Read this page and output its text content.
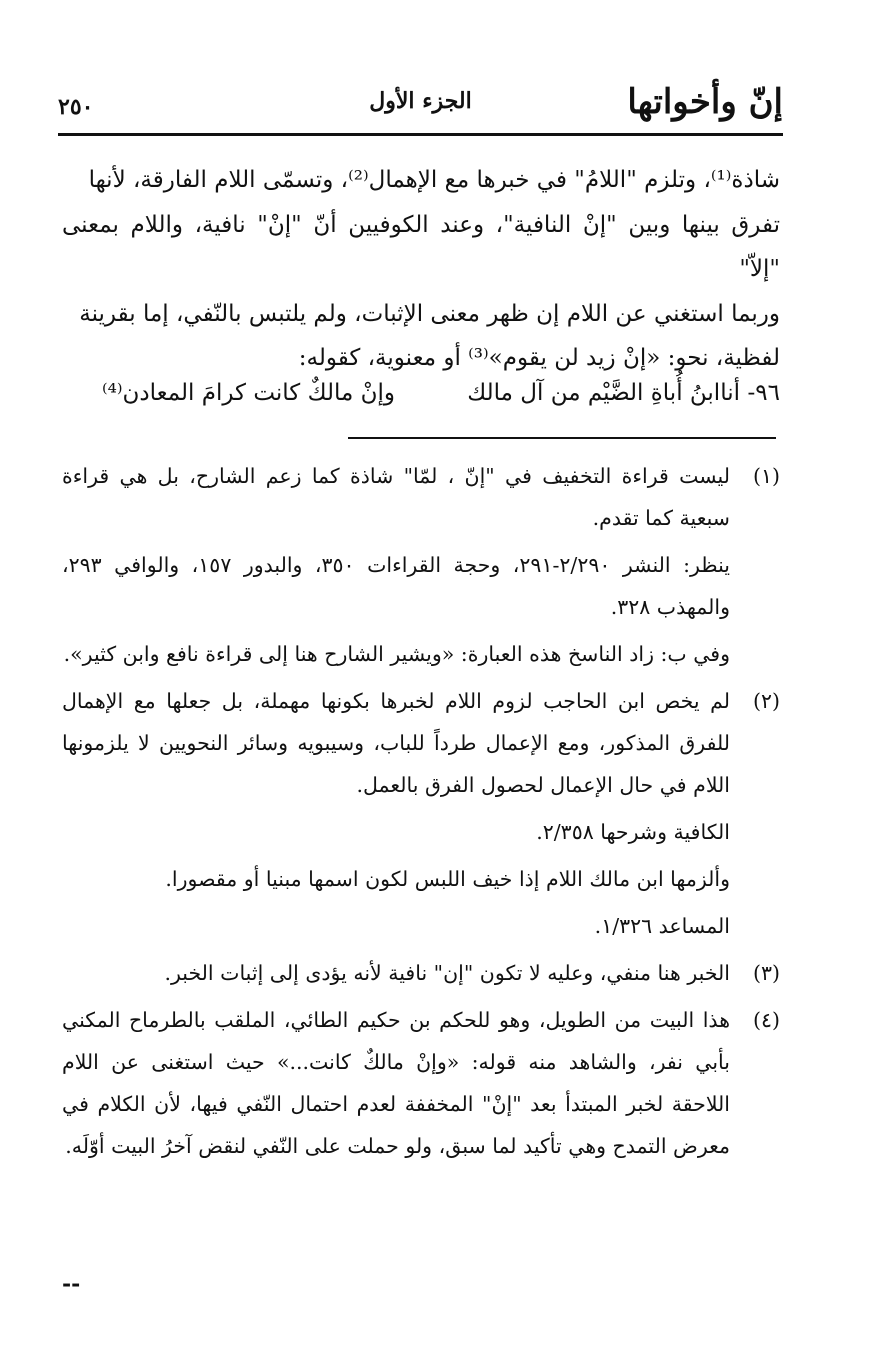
إنّ وأخواتها
الجزء الأول
٢٥٠

شاذة⁽¹⁾، وتلزم "اللامُ" في خبرها مع الإهمال⁽²⁾، وتسمّى اللام الفارقة، لأنها

تفرق بينها وبين "إنْ النافية"، وعند الكوفيين أنّ "إنْ" نافية، واللام بمعنى "إلاّ"

وربما استغني عن اللام إن ظهر معنى الإثبات، ولم يلتبس بالنّفي، إما بقرينة

لفظية، نحو: «إنْ زيد لن يقوم»⁽³⁾ أو معنوية، كقوله:

٩٦-
أناابنُ أُباةِ الضَّيْم من آل مالك
وإنْ مالكٌ كانت كرامَ المعادن⁽⁴⁾
(١)

ليست قراءة التخفيف في "إنّ ، لمّا" شاذة كما زعم الشارح، بل هي قراءة سبعية كما تقدم.

ينظر: النشر ٢/٢٩٠-٢٩١، وحجة القراءات ٣٥٠، والبدور ١٥٧، والوافي ٢٩٣، والمهذب ٣٢٨.

وفي ب: زاد الناسخ هذه العبارة: «ويشير الشارح هنا إلى قراءة نافع وابن كثير».

(٢)

لم يخص ابن الحاجب لزوم اللام لخبرها بكونها مهملة، بل جعلها مع الإهمال للفرق المذكور، ومع الإعمال طرداً للباب، وسيبويه وسائر النحويين لا يلزمونها اللام في حال الإعمال لحصول الفرق بالعمل.

الكافية وشرحها ٢/٣٥٨.

وألزمها ابن مالك اللام إذا خيف اللبس لكون اسمها مبنيا أو مقصورا.

المساعد ١/٣٢٦.

(٣)

الخبر هنا منفي، وعليه لا تكون "إن" نافية لأنه يؤدى إلى إثبات الخبر.

(٤)

هذا البيت من الطويل، وهو للحكم بن حكيم الطائي، الملقب بالطرماح المكني بأبي نفر، والشاهد منه قوله: «وإنْ مالكٌ كانت...» حيث استغنى عن اللام اللاحقة لخبر المبتدأ بعد "إنْ" المخففة لعدم احتمال النّفي فيها، لأن الكلام في معرض التمدح وهي تأكيد لما سبق، ولو حملت على النّفي لنقض آخرُ البيت أوّلَه.

--
